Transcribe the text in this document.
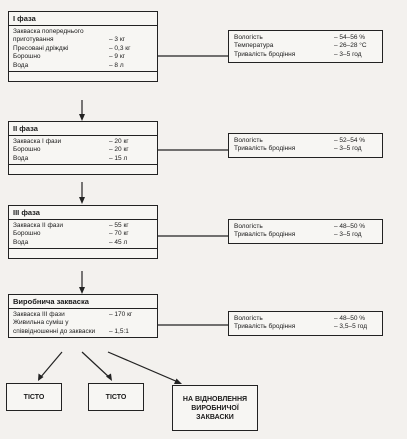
I фаза
Закваска попереднього приготування	– 3 кг
Пресовані дріжджі	– 0,3 кг
Борошно	– 9 кг
Вода	– 8 л
Вологість	– 54–56 %
Температура	– 26–28 °С
Тривалість бродіння	– 3–5 год
ІІ фаза
Закваска І фази	– 20 кг
Борошно	– 20 кг
Вода	– 15 л
Вологість	– 52–54 %
Тривалість бродіння	– 3–5 год
ІІІ фаза
Закваска ІІ фази	– 55 кг
Борошно	– 70 кг
Вода	– 45 л
Вологість	– 48–50 %
Тривалість бродіння	– 3–5 год
Виробнича закваска
Закваска ІІІ фази	– 170 кг
Живильна суміш у співвідношенні до закваски	– 1,5:1
Вологість	– 48–50 %
Тривалість бродіння	– 3,5–5 год
ТІСТО	ТІСТО	НА ВІДНОВЛЕННЯ ВИРОБНИЧОЇ ЗАКВАСКИ
